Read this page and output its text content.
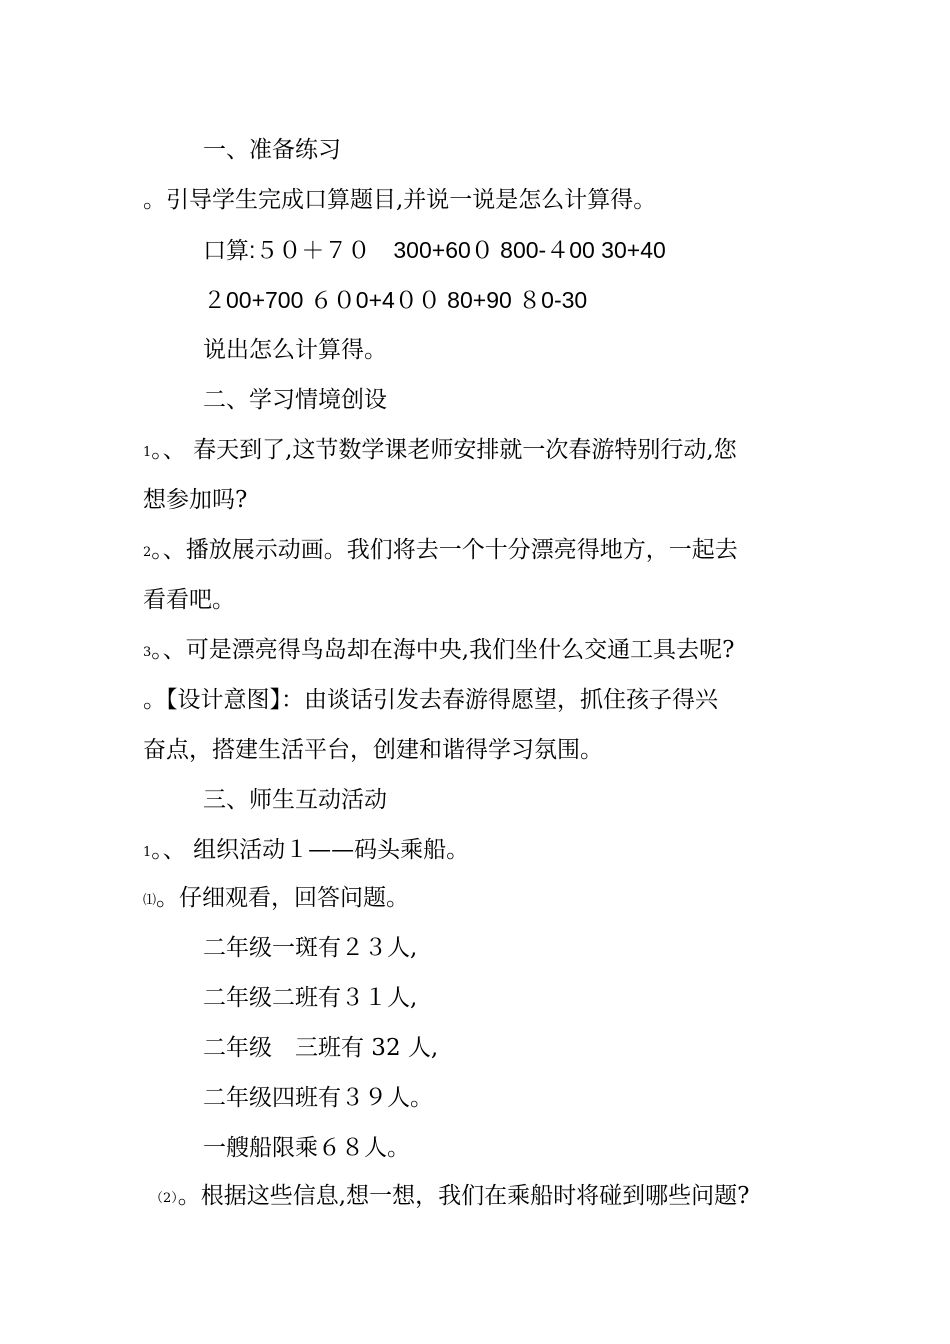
一、准备练习
。引导学生完成口算题目,并说一说是怎么计算得。
口算:５０＋７０　300+60０ 800-４00 30+40
２00+700 ６０0+4００ 80+90 ８0-30
说出怎么计算得。
二、学习情境创设
1。、 春天到了,这节数学课老师安排就一次春游特别行动,您
想参加吗?
2。、播放展示动画。我们将去一个十分漂亮得地方，一起去
看看吧。
3。、可是漂亮得鸟岛却在海中央,我们坐什么交通工具去呢?
。【设计意图】：由谈话引发去春游得愿望，抓住孩子得兴
奋点，搭建生活平台，创建和谐得学习氛围。
三、师生互动活动
1。、 组织活动１——码头乘船。
⑴。仔细观看，回答问题。
二年级一斑有２３人,
二年级二班有３１人,
二年级　三班有 32 人,
二年级四班有３９人。
一艘船限乘６８人。
（2）。根据这些信息,想一想，我们在乘船时将碰到哪些问题?
